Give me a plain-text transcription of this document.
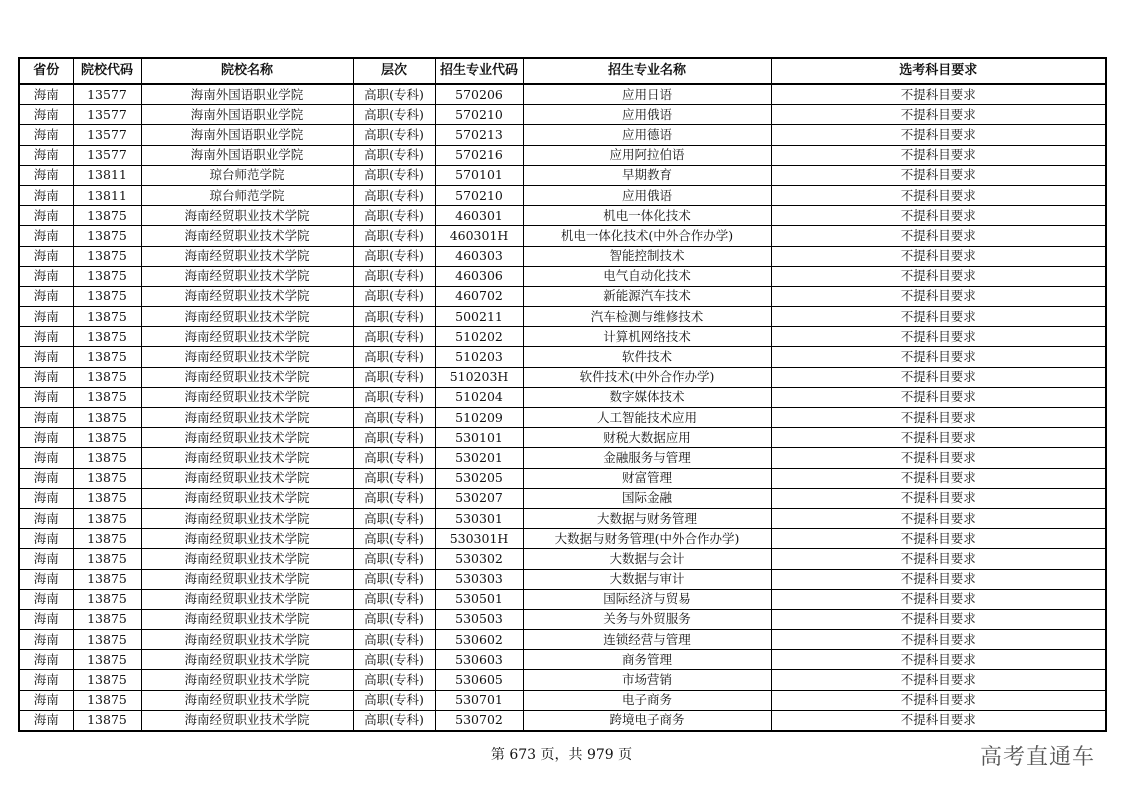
省份	院校代码	院校名称	层次	招生专业代码	招生专业名称	选考科目要求
海南	13577	海南外国语职业学院	高职(专科)	570206	应用日语	不提科目要求
海南	13577	海南外国语职业学院	高职(专科)	570210	应用俄语	不提科目要求
海南	13577	海南外国语职业学院	高职(专科)	570213	应用德语	不提科目要求
海南	13577	海南外国语职业学院	高职(专科)	570216	应用阿拉伯语	不提科目要求
海南	13811	琼台师范学院	高职(专科)	570101	早期教育	不提科目要求
海南	13811	琼台师范学院	高职(专科)	570210	应用俄语	不提科目要求
海南	13875	海南经贸职业技术学院	高职(专科)	460301	机电一体化技术	不提科目要求
海南	13875	海南经贸职业技术学院	高职(专科)	460301H	机电一体化技术(中外合作办学)	不提科目要求
海南	13875	海南经贸职业技术学院	高职(专科)	460303	智能控制技术	不提科目要求
海南	13875	海南经贸职业技术学院	高职(专科)	460306	电气自动化技术	不提科目要求
海南	13875	海南经贸职业技术学院	高职(专科)	460702	新能源汽车技术	不提科目要求
海南	13875	海南经贸职业技术学院	高职(专科)	500211	汽车检测与维修技术	不提科目要求
海南	13875	海南经贸职业技术学院	高职(专科)	510202	计算机网络技术	不提科目要求
海南	13875	海南经贸职业技术学院	高职(专科)	510203	软件技术	不提科目要求
海南	13875	海南经贸职业技术学院	高职(专科)	510203H	软件技术(中外合作办学)	不提科目要求
海南	13875	海南经贸职业技术学院	高职(专科)	510204	数字媒体技术	不提科目要求
海南	13875	海南经贸职业技术学院	高职(专科)	510209	人工智能技术应用	不提科目要求
海南	13875	海南经贸职业技术学院	高职(专科)	530101	财税大数据应用	不提科目要求
海南	13875	海南经贸职业技术学院	高职(专科)	530201	金融服务与管理	不提科目要求
海南	13875	海南经贸职业技术学院	高职(专科)	530205	财富管理	不提科目要求
海南	13875	海南经贸职业技术学院	高职(专科)	530207	国际金融	不提科目要求
海南	13875	海南经贸职业技术学院	高职(专科)	530301	大数据与财务管理	不提科目要求
海南	13875	海南经贸职业技术学院	高职(专科)	530301H	大数据与财务管理(中外合作办学)	不提科目要求
海南	13875	海南经贸职业技术学院	高职(专科)	530302	大数据与会计	不提科目要求
海南	13875	海南经贸职业技术学院	高职(专科)	530303	大数据与审计	不提科目要求
海南	13875	海南经贸职业技术学院	高职(专科)	530501	国际经济与贸易	不提科目要求
海南	13875	海南经贸职业技术学院	高职(专科)	530503	关务与外贸服务	不提科目要求
海南	13875	海南经贸职业技术学院	高职(专科)	530602	连锁经营与管理	不提科目要求
海南	13875	海南经贸职业技术学院	高职(专科)	530603	商务管理	不提科目要求
海南	13875	海南经贸职业技术学院	高职(专科)	530605	市场营销	不提科目要求
海南	13875	海南经贸职业技术学院	高职(专科)	530701	电子商务	不提科目要求
海南	13875	海南经贸职业技术学院	高职(专科)	530702	跨境电子商务	不提科目要求
第 673 页，共 979 页	高考直通车
